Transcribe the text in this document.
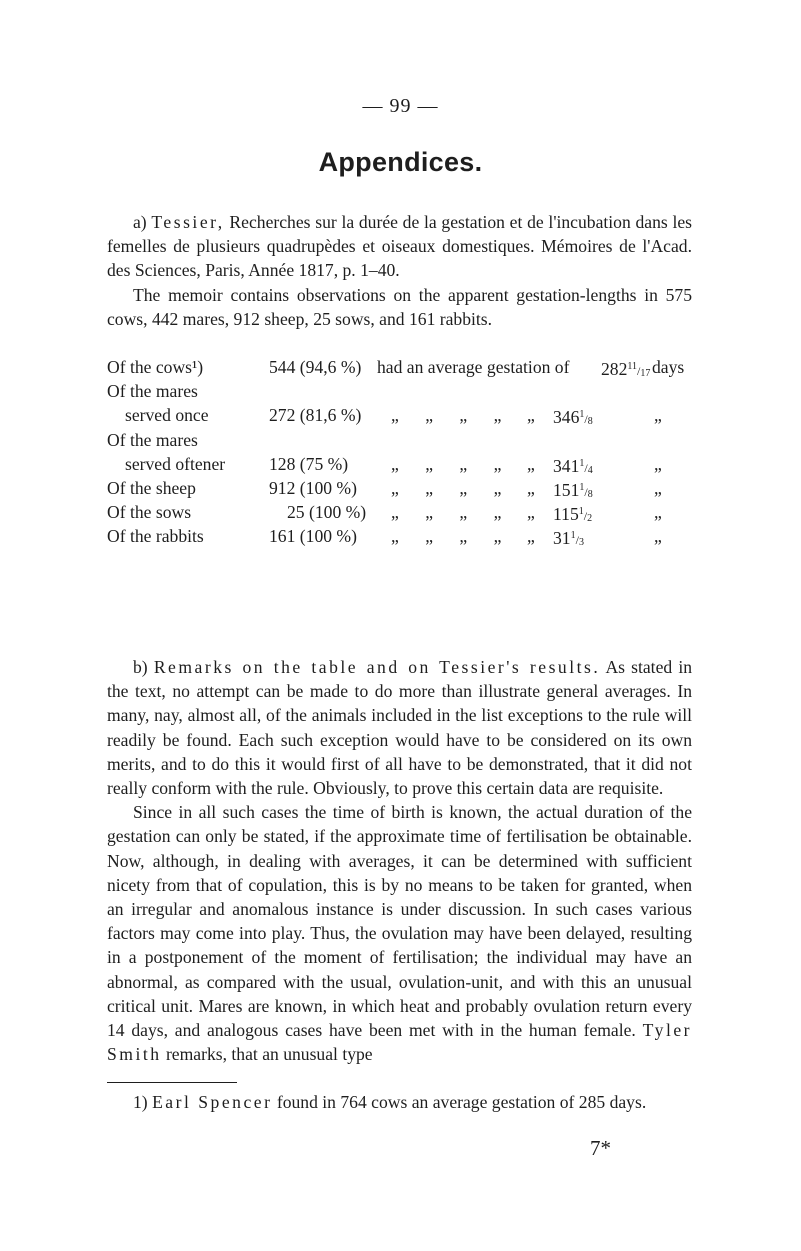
— 99 —
Appendices.

a) Tessier, Recherches sur la durée de la gestation et de l'incubation dans les femelles de plusieurs quadrupèdes et oiseaux domestiques. Mémoires de l'Acad. des Sciences, Paris, Année 1817, p. 1–40.

The memoir contains observations on the apparent gestation-lengths in 575 cows, 442 mares, 912 sheep, 25 sows, and 161 rabbits.

Of the cows¹)	544 (94,6 %) had an average gestation of $282^{11}/_{17}$ days
Of the mares
served once	272 (81,6 %) „ „ „ „	„ $346^1/_8$	„
Of the mares
served oftener 128 (75 %) „ „ „ „	„ $341^1/_4$	„
Of the sheep	912 (100 %) „ „ „ „	„ $151^1/_8$	„
Of the sows	25 (100 %) „ „ „ „	„ $115^1/_2$	„
Of the rabbits	161 (100 %) „ „ „ „	„ $31^1/_3$	„

b) Remarks on the table and on Tessier's results. As stated in the text, no attempt can be made to do more than illustrate general averages. In many, nay, almost all, of the animals included in the list exceptions to the rule will readily be found. Each such exception would have to be considered on its own merits, and to do this it would first of all have to be demonstrated, that it did not really conform with the rule. Obviously, to prove this certain data are requisite.

Since in all such cases the time of birth is known, the actual duration of the gestation can only be stated, if the approximate time of fertilisation be obtainable. Now, although, in dealing with averages, it can be determined with sufficient nicety from that of copulation, this is by no means to be taken for granted, when an irregular and anomalous instance is under discussion. In such cases various factors may come into play. Thus, the ovulation may have been delayed, resulting in a postponement of the moment of fertilisation; the individual may have an abnormal, as compared with the usual, ovulation-unit, and with this an unusual critical unit. Mares are known, in which heat and probably ovulation return every 14 days, and analogous cases have been met with in the human female. Tyler Smith remarks, that an unusual type

1) Earl Spencer found in 764 cows an average gestation of 285 days.

7*
